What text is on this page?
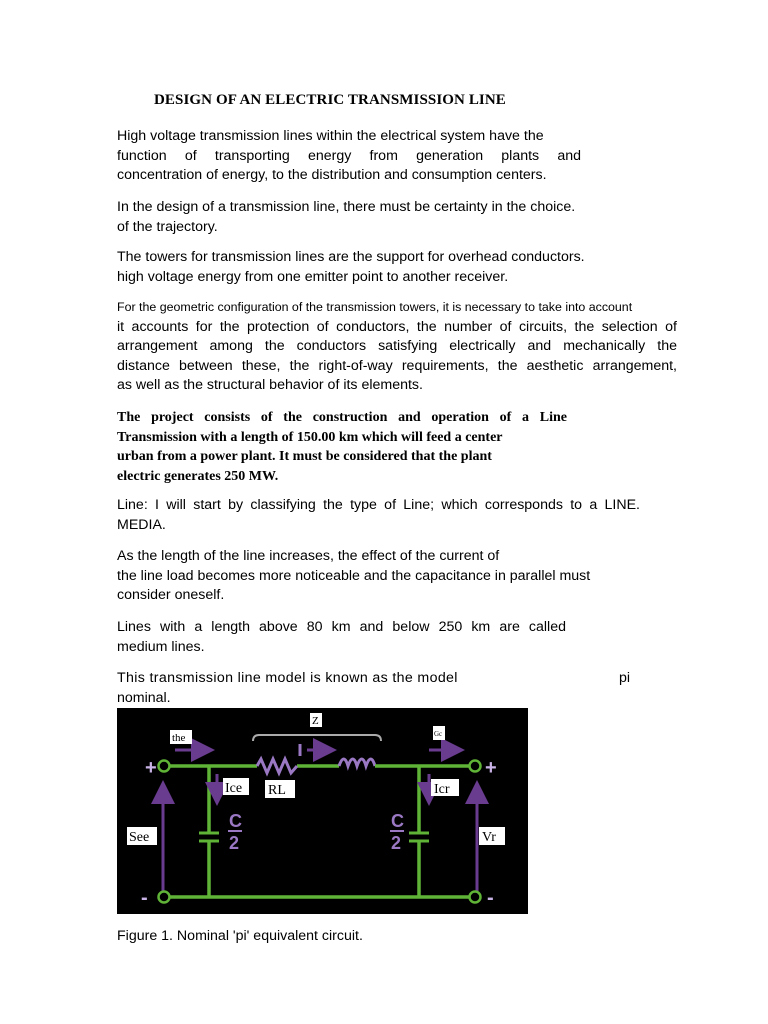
DESIGN OF AN ELECTRIC TRANSMISSION LINE
High voltage transmission lines within the electrical system have the
function of transporting energy from generation plants and
concentration of energy, to the distribution and consumption centers.
In the design of a transmission line, there must be certainty in the choice.
of the trajectory.
The towers for transmission lines are the support for overhead conductors.
high voltage energy from one emitter point to another receiver.
For the geometric configuration of the transmission towers, it is necessary to take into account
it accounts for the protection of conductors, the number of circuits, the selection of
arrangement among the conductors satisfying electrically and mechanically the
distance between these, the right-of-way requirements, the aesthetic arrangement,
as well as the structural behavior of its elements.
The project consists of the construction and operation of a Line
Transmission with a length of 150.00 km which will feed a center
urban from a power plant. It must be considered that the plant
electric generates 250 MW.
Line: I will start by classifying the type of Line; which corresponds to a LINE.
MEDIA.
As the length of the line increases, the effect of the current of
the line load becomes more noticeable and the capacitance in parallel must
consider oneself.
Lines with a length above 80 km and below 250 km are called
medium lines.
This transmission line model is known as the model	pi
nominal.
+	+
-	-
C
2
C
2
Z
the	Gc
Ice RL	Icr
See	Vr
Figure 1. Nominal 'pi' equivalent circuit.
